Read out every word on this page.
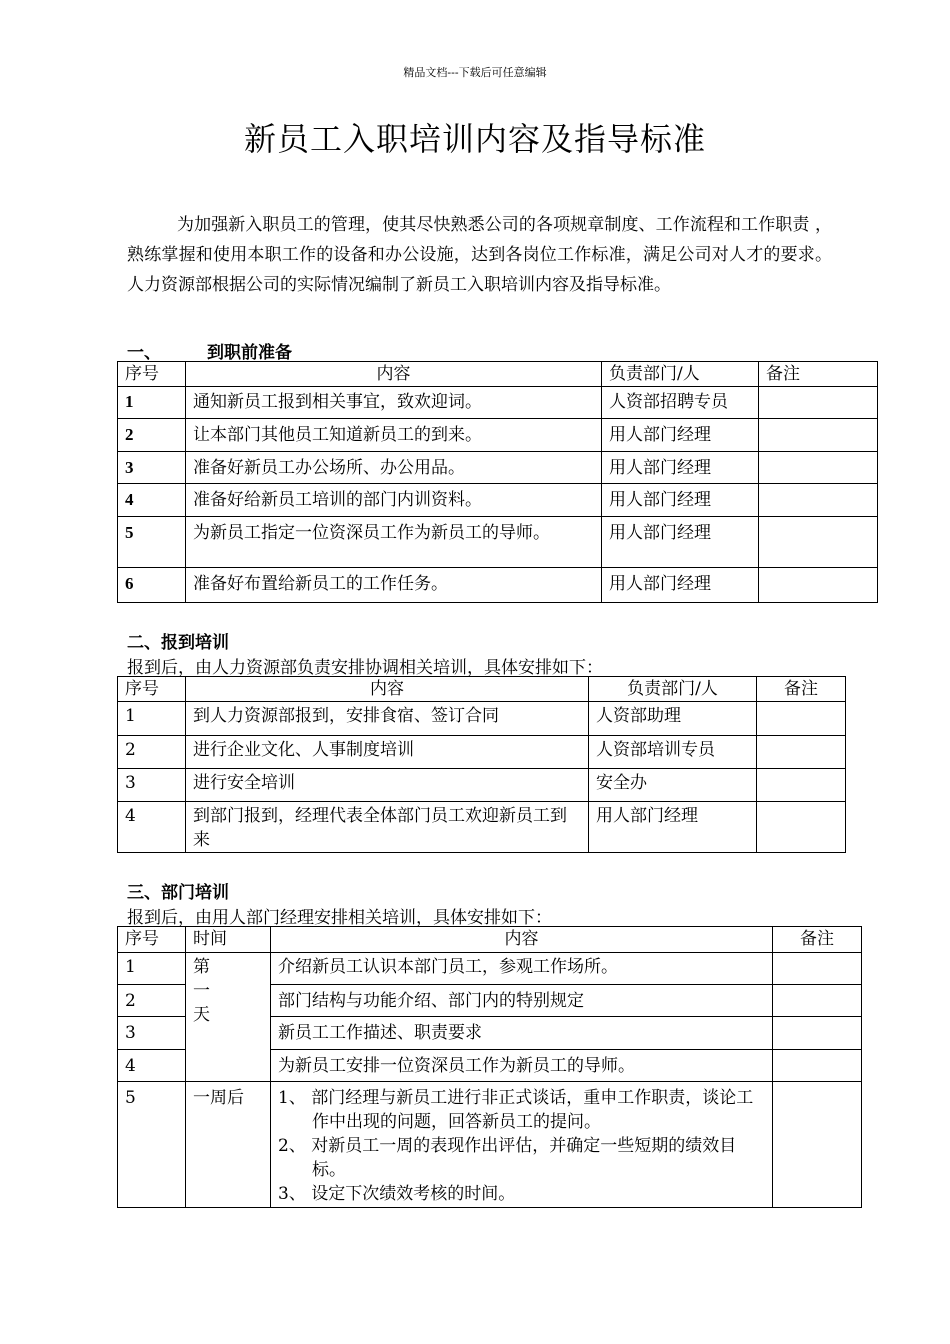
精品文档---下载后可任意编辑
新员工入职培训内容及指导标准
为加强新入职员工的管理，使其尽快熟悉公司的各项规章制度、工作流程和工作职责 ，熟练掌握和使用本职工作的设备和办公设施，达到各岗位工作标准，满足公司对人才的要求。人力资源部根据公司的实际情况编制了新员工入职培训内容及指导标准。
一、	到职前准备
序号	内容	负责部门/人	备注
1	通知新员工报到相关事宜，致欢迎词。	人资部招聘专员	
2	让本部门其他员工知道新员工的到来。	用人部门经理	
3	准备好新员工办公场所、办公用品。	用人部门经理	
4	准备好给新员工培训的部门内训资料。	用人部门经理	
5	为新员工指定一位资深员工作为新员工的导师。	用人部门经理	
6	准备好布置给新员工的工作任务。	用人部门经理	
二、报到培训
报到后，由人力资源部负责安排协调相关培训，具体安排如下：
序号	内容	负责部门/人	备注
1	到人力资源部报到，安排食宿、签订合同	人资部助理	
2	进行企业文化、人事制度培训	人资部培训专员	
3	进行安全培训	安全办	
4	到部门报到，经理代表全体部门员工欢迎新员工到来	用人部门经理	
三、部门培训
报到后，由用人部门经理安排相关培训，具体安排如下：
序号	时间	内容	备注
1	第
一
天	介绍新员工认识本部门员工，参观工作场所。	
2		部门结构与功能介绍、部门内的特别规定	
3		新员工工作描述、职责要求	
4		为新员工安排一位资深员工作为新员工的导师。	
5	一周后	1、 部门经理与新员工进行非正式谈话，重申工作职责，谈论工作中出现的问题，回答新员工的提问。
2、 对新员工一周的表现作出评估，并确定一些短期的绩效目标。
3、 设定下次绩效考核的时间。	
